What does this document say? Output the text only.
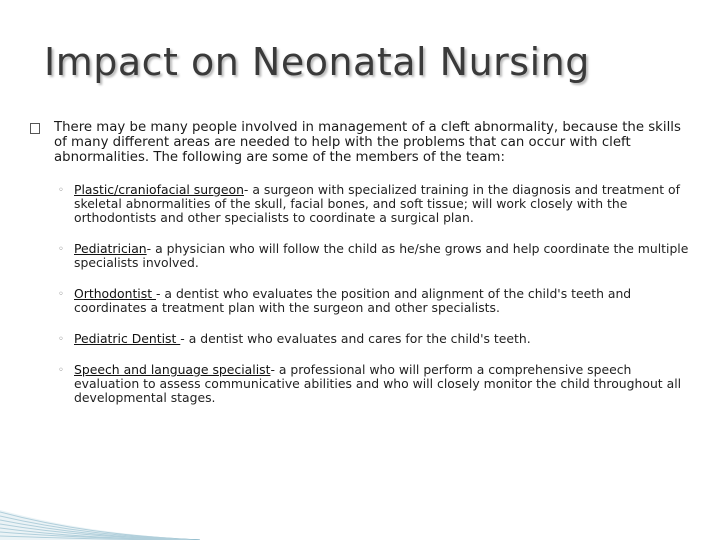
Impact on Neonatal Nursing
There may be many people involved in management of a cleft abnormality, because the skills of many different areas are needed to help with the problems that can occur with cleft abnormalities. The following are some of the members of the team:
◦ Plastic/craniofacial surgeon- a surgeon with specialized training in the diagnosis and treatment of skeletal abnormalities of the skull, facial bones, and soft tissue; will work closely with the orthodontists and other specialists to coordinate a surgical plan.
◦ Pediatrician- a physician who will follow the child as he/she grows and help coordinate the multiple specialists involved.
◦ Orthodontist - a dentist who evaluates the position and alignment of the child's teeth and coordinates a treatment plan with the surgeon and other specialists.
◦ Pediatric Dentist - a dentist who evaluates and cares for the child's teeth.
◦ Speech and language specialist- a professional who will perform a comprehensive speech evaluation to assess communicative abilities and who will closely monitor the child throughout all developmental stages.
